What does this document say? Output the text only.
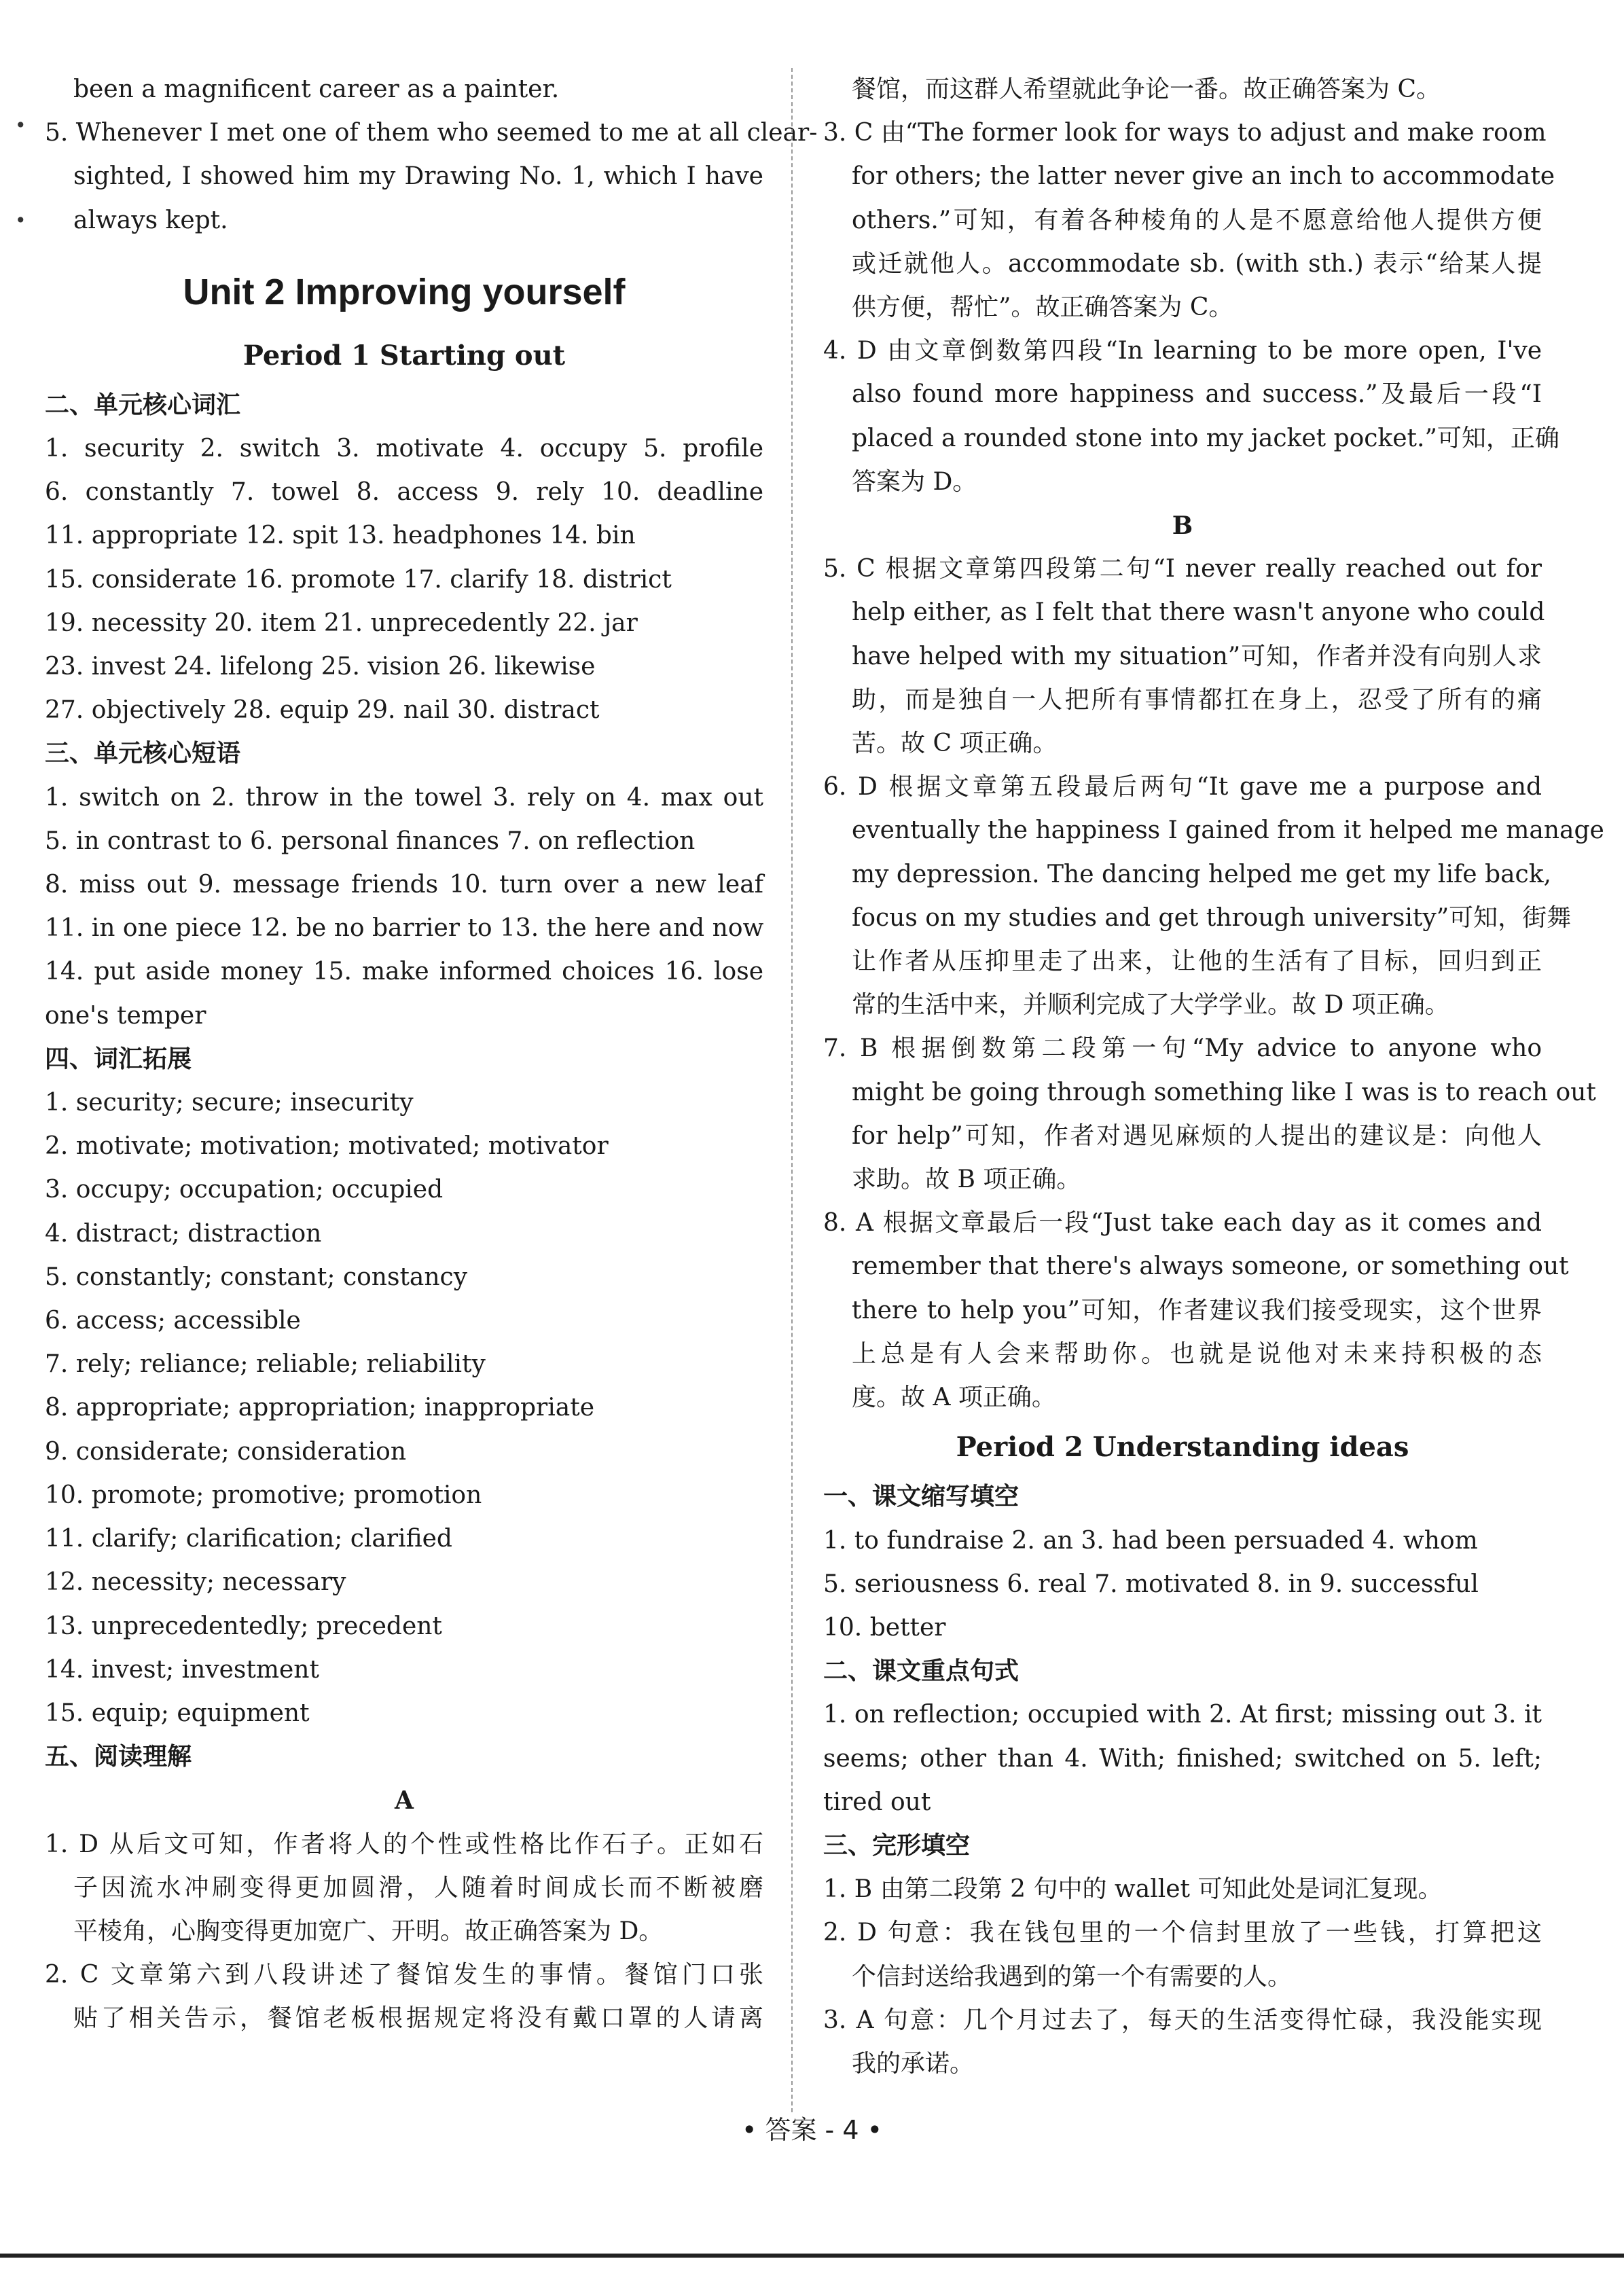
been a magnificent career as a painter.
5. Whenever I met one of them who seemed to me at all clear-
sighted, I showed him my Drawing No. 1, which I have
always kept.
Unit 2 Improving yourself
Period 1 Starting out
二、单元核心词汇
1. security 2. switch 3. motivate 4. occupy 5. profile
6. constantly 7. towel 8. access 9. rely 10. deadline
11. appropriate 12. spit 13. headphones 14. bin
15. considerate 16. promote 17. clarify 18. district
19. necessity 20. item 21. unprecedently 22. jar
23. invest 24. lifelong 25. vision 26. likewise
27. objectively 28. equip 29. nail 30. distract
三、单元核心短语
1. switch on 2. throw in the towel 3. rely on 4. max out
5. in contrast to 6. personal finances 7. on reflection
8. miss out 9. message friends 10. turn over a new leaf
11. in one piece 12. be no barrier to 13. the here and now
14. put aside money 15. make informed choices 16. lose
one's temper
四、词汇拓展
1. security; secure; insecurity
2. motivate; motivation; motivated; motivator
3. occupy; occupation; occupied
4. distract; distraction
5. constantly; constant; constancy
6. access; accessible
7. rely; reliance; reliable; reliability
8. appropriate; appropriation; inappropriate
9. considerate; consideration
10. promote; promotive; promotion
11. clarify; clarification; clarified
12. necessity; necessary
13. unprecedentedly; precedent
14. invest; investment
15. equip; equipment
五、阅读理解
A
1. D 从后文可知，作者将人的个性或性格比作石子。正如石
子因流水冲刷变得更加圆滑，人随着时间成长而不断被磨
平棱角，心胸变得更加宽广、开明。故正确答案为 D。
2. C 文章第六到八段讲述了餐馆发生的事情。餐馆门口张
贴了相关告示，餐馆老板根据规定将没有戴口罩的人请离
餐馆，而这群人希望就此争论一番。故正确答案为 C。
3. C 由“The former look for ways to adjust and make room
for others; the latter never give an inch to accommodate
others.”可知，有着各种棱角的人是不愿意给他人提供方便
或迁就他人。accommodate sb. (with sth.) 表示“给某人提
供方便，帮忙”。故正确答案为 C。
4. D 由文章倒数第四段“In learning to be more open, I've
also found more happiness and success.”及最后一段“I
placed a rounded stone into my jacket pocket.”可知，正确
答案为 D。
B
5. C 根据文章第四段第二句“I never really reached out for
help either, as I felt that there wasn't anyone who could
have helped with my situation”可知，作者并没有向别人求
助，而是独自一人把所有事情都扛在身上，忍受了所有的痛
苦。故 C 项正确。
6. D 根据文章第五段最后两句“It gave me a purpose and
eventually the happiness I gained from it helped me manage
my depression. The dancing helped me get my life back,
focus on my studies and get through university”可知，街舞
让作者从压抑里走了出来，让他的生活有了目标，回归到正
常的生活中来，并顺利完成了大学学业。故 D 项正确。
7. B 根据倒数第二段第一句“My advice to anyone who
might be going through something like I was is to reach out
for help”可知，作者对遇见麻烦的人提出的建议是：向他人
求助。故 B 项正确。
8. A 根据文章最后一段“Just take each day as it comes and
remember that there's always someone, or something out
there to help you”可知，作者建议我们接受现实，这个世界
上总是有人会来帮助你。也就是说他对未来持积极的态
度。故 A 项正确。
Period 2 Understanding ideas
一、课文缩写填空
1. to fundraise 2. an 3. had been persuaded 4. whom
5. seriousness 6. real 7. motivated 8. in 9. successful
10. better
二、课文重点句式
1. on reflection; occupied with 2. At first; missing out 3. it
seems; other than 4. With; finished; switched on 5. left;
tired out
三、完形填空
1. B 由第二段第 2 句中的 wallet 可知此处是词汇复现。
2. D 句意：我在钱包里的一个信封里放了一些钱，打算把这
个信封送给我遇到的第一个有需要的人。
3. A 句意：几个月过去了，每天的生活变得忙碌，我没能实现
我的承诺。
• 答案 - 4 •
•
•
